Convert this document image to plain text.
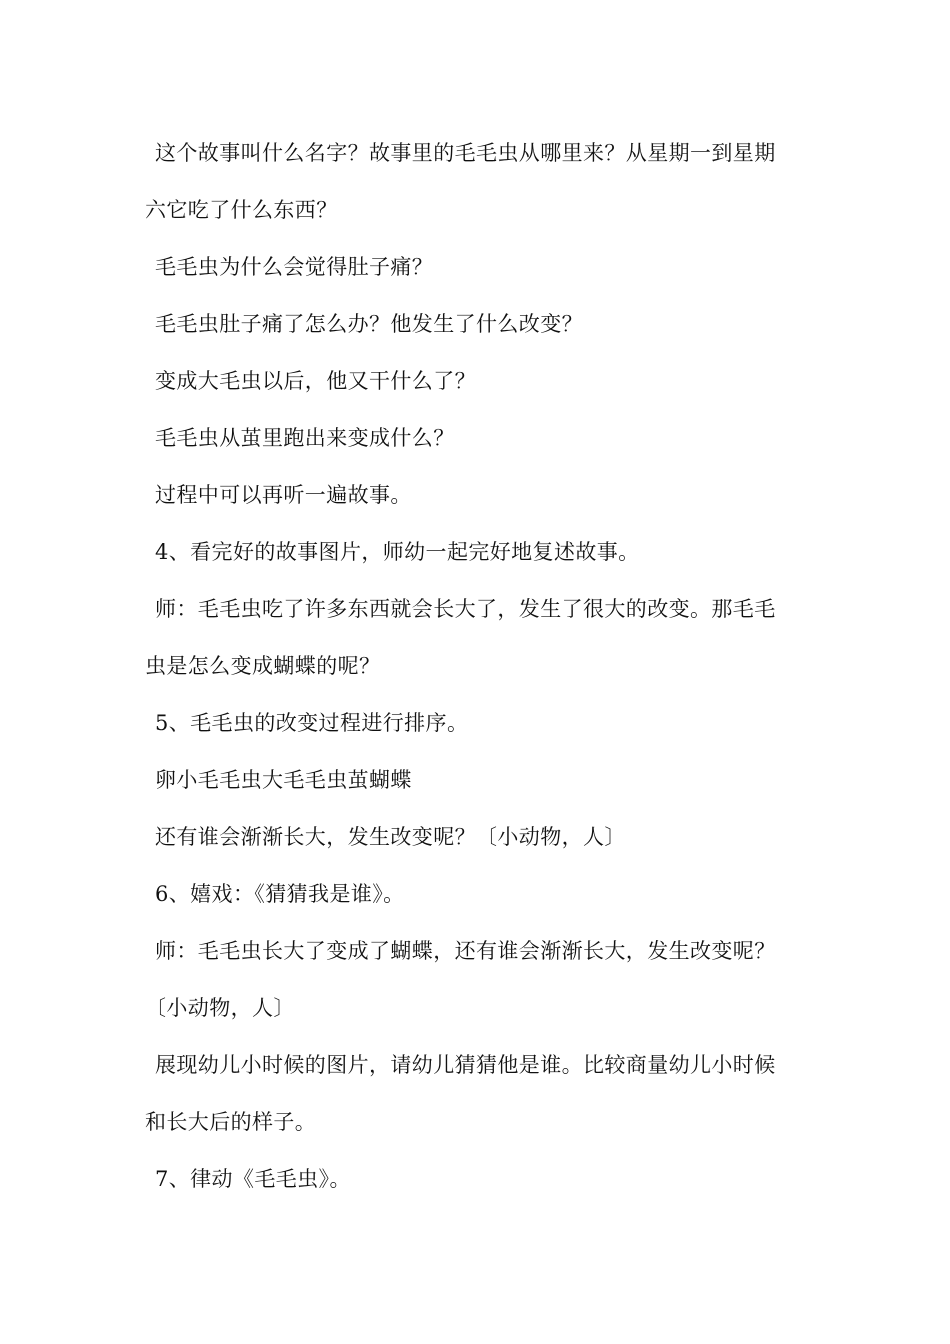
这个故事叫什么名字？故事里的毛毛虫从哪里来？从星期一到星期
六它吃了什么东西？
毛毛虫为什么会觉得肚子痛？
毛毛虫肚子痛了怎么办？他发生了什么改变？
变成大毛虫以后，他又干什么了？
毛毛虫从茧里跑出来变成什么？
过程中可以再听一遍故事。
4、看完好的故事图片，师幼一起完好地复述故事。
师：毛毛虫吃了许多东西就会长大了，发生了很大的改变。那毛毛
虫是怎么变成蝴蝶的呢？
5、毛毛虫的改变过程进行排序。
卵小毛毛虫大毛毛虫茧蝴蝶
还有谁会渐渐长大，发生改变呢？〔小动物，人〕
6、嬉戏：《猜猜我是谁》。
师：毛毛虫长大了变成了蝴蝶，还有谁会渐渐长大，发生改变呢？
〔小动物，人〕
展现幼儿小时候的图片，请幼儿猜猜他是谁。比较商量幼儿小时候
和长大后的样子。
7、律动《毛毛虫》。
